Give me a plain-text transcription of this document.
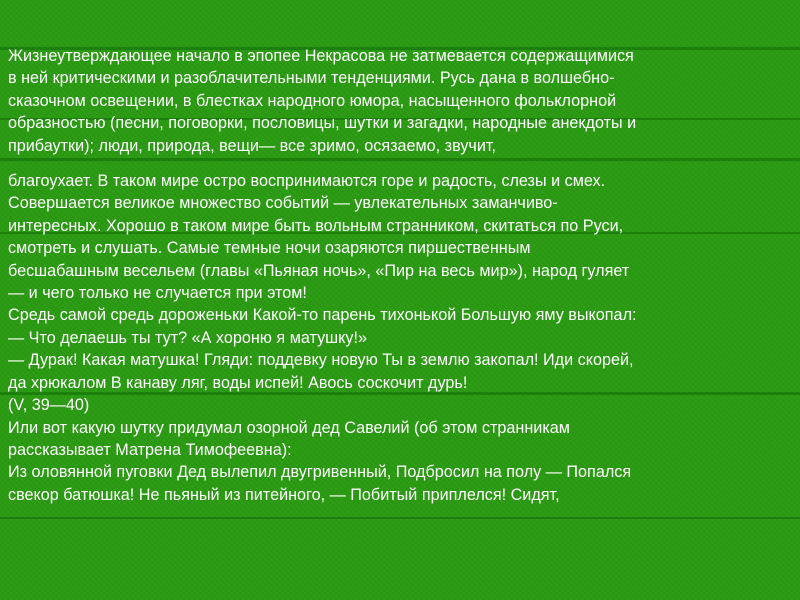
Жизнеутверждающее начало в эпопее Некрасова не затмевается содержащимися
в ней критическими и разоблачительными тенденциями. Русь дана в волшебно-
сказочном освещении, в блестках народного юмора, насыщенного фольклорной
образностью (песни, поговорки, пословицы, шутки и загадки, народные анекдоты и
прибаутки); люди, природа, вещи— все зримо, осязаемо, звучит,
благоухает. В таком мире остро воспринимаются горе и радость, слезы и смех.
Совершается великое множество событий — увлекательных заманчиво-
интересных. Хорошо в таком мире быть вольным странником, скитаться по Руси,
смотреть и слушать. Самые темные ночи озаряются пиршественным
бесшабашным весельем (главы «Пьяная ночь», «Пир на весь мир»), народ гуляет
— и чего только не случается при этом!
Средь самой средь дороженьки Какой-то парень тихонькой Большую яму выкопал:
— Что делаешь ты тут? «А хороню я матушку!»
— Дурак! Какая матушка! Гляди: поддевку новую Ты в землю закопал! Иди скорей,
да хрюкалом В канаву ляг, воды испей! Авось соскочит дурь!
(V, 39—40)
Или вот какую шутку придумал озорной дед Савелий (об этом странникам
рассказывает Матрена Тимофеевна):
Из оловянной пуговки Дед вылепил двугривенный, Подбросил на полу — Попался
свекор батюшка! Не пьяный из питейного, — Побитый приплелся! Сидят,
